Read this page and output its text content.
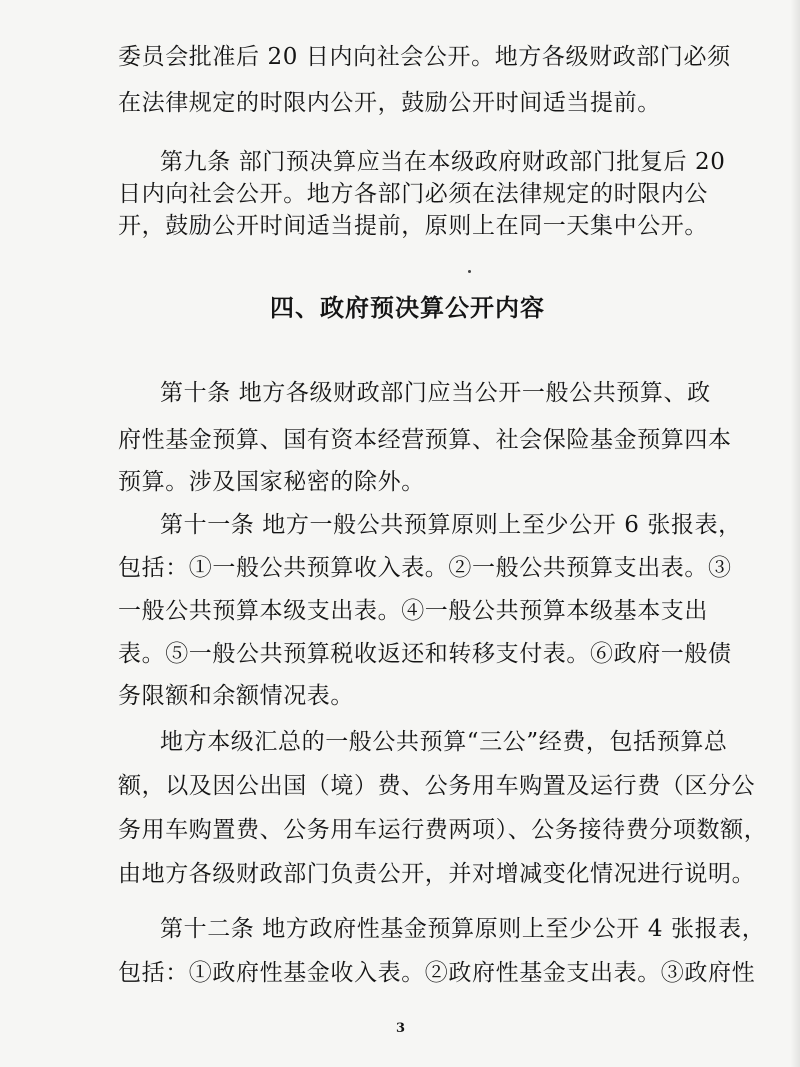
委员会批准后 20 日内向社会公开。地方各级财政部门必须
在法律规定的时限内公开，鼓励公开时间适当提前。
第九条 部门预决算应当在本级政府财政部门批复后 20
日内向社会公开。地方各部门必须在法律规定的时限内公
开，鼓励公开时间适当提前，原则上在同一天集中公开。
四、政府预决算公开内容
第十条 地方各级财政部门应当公开一般公共预算、政
府性基金预算、国有资本经营预算、社会保险基金预算四本
预算。涉及国家秘密的除外。
第十一条 地方一般公共预算原则上至少公开 6 张报表，
包括：①一般公共预算收入表。②一般公共预算支出表。③
一般公共预算本级支出表。④一般公共预算本级基本支出
表。⑤一般公共预算税收返还和转移支付表。⑥政府一般债
务限额和余额情况表。
地方本级汇总的一般公共预算“三公”经费，包括预算总
额，以及因公出国（境）费、公务用车购置及运行费（区分公
务用车购置费、公务用车运行费两项）、公务接待费分项数额，
由地方各级财政部门负责公开，并对增减变化情况进行说明。
第十二条 地方政府性基金预算原则上至少公开 4 张报表，
包括：①政府性基金收入表。②政府性基金支出表。③政府性
3
